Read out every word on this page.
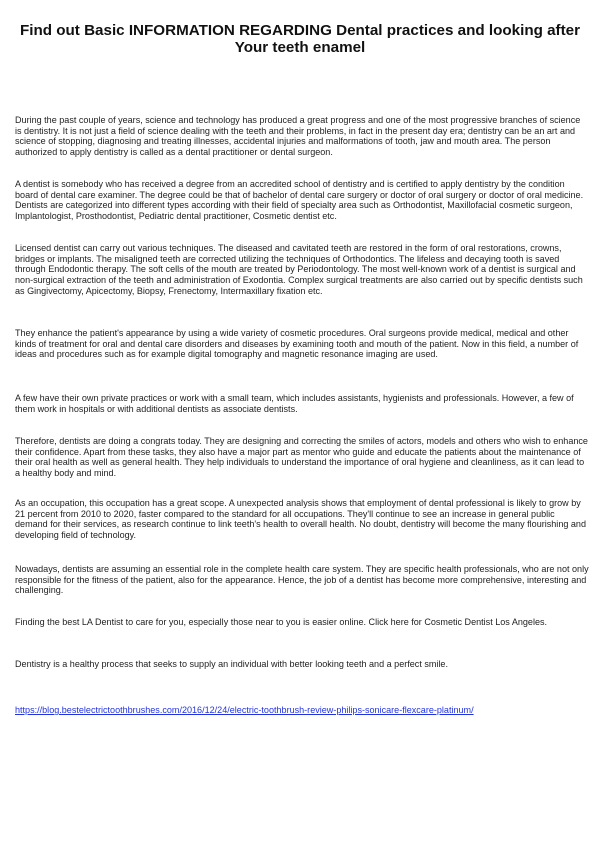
Find out Basic INFORMATION REGARDING Dental practices and looking after Your teeth enamel

During the past couple of years, science and technology has produced a great progress and one of the most progressive branches of science is dentistry. It is not just a field of science dealing with the teeth and their problems, in fact in the present day era; dentistry can be an art and science of stopping, diagnosing and treating illnesses, accidental injuries and malformations of tooth, jaw and mouth area. The person authorized to apply dentistry is called as a dental practitioner or dental surgeon.

A dentist is somebody who has received a degree from an accredited school of dentistry and is certified to apply dentistry by the condition board of dental care examiner. The degree could be that of bachelor of dental care surgery or doctor of oral surgery or doctor of oral medicine. Dentists are categorized into different types according with their field of specialty area such as Orthodontist, Maxillofacial cosmetic surgeon, Implantologist, Prosthodontist, Pediatric dental practitioner, Cosmetic dentist etc.

Licensed dentist can carry out various techniques. The diseased and cavitated teeth are restored in the form of oral restorations, crowns, bridges or implants. The misaligned teeth are corrected utilizing the techniques of Orthodontics. The lifeless and decaying tooth is saved through Endodontic therapy. The soft cells of the mouth are treated by Periodontology. The most well-known work of a dentist is surgical and non-surgical extraction of the teeth and administration of Exodontia. Complex surgical treatments are also carried out by specific dentists such as Gingivectomy, Apicectomy, Biopsy, Frenectomy, Intermaxillary fixation etc.

They enhance the patient's appearance by using a wide variety of cosmetic procedures. Oral surgeons provide medical, medical and other kinds of treatment for oral and dental care disorders and diseases by examining tooth and mouth of the patient. Now in this field, a number of ideas and procedures such as for example digital tomography and magnetic resonance imaging are used.

A few have their own private practices or work with a small team, which includes assistants, hygienists and professionals. However, a few of them work in hospitals or with additional dentists as associate dentists.

Therefore, dentists are doing a congrats today. They are designing and correcting the smiles of actors, models and others who wish to enhance their confidence. Apart from these tasks, they also have a major part as mentor who guide and educate the patients about the maintenance of their oral health as well as general health. They help individuals to understand the importance of oral hygiene and cleanliness, as it can lead to a healthy body and mind.

As an occupation, this occupation has a great scope. A unexpected analysis shows that employment of dental professional is likely to grow by 21 percent from 2010 to 2020, faster compared to the standard for all occupations. They'll continue to see an increase in general public demand for their services, as research continue to link teeth's health to overall health. No doubt, dentistry will become the many flourishing and developing field of technology.

Nowadays, dentists are assuming an essential role in the complete health care system. They are specific health professionals, who are not only responsible for the fitness of the patient, also for the appearance. Hence, the job of a dentist has become more comprehensive, interesting and challenging.

Finding the best LA Dentist to care for you, especially those near to you is easier online. Click here for Cosmetic Dentist Los Angeles.

Dentistry is a healthy process that seeks to supply an individual with better looking teeth and a perfect smile.

https://blog.bestelectrictoothbrushes.com/2016/12/24/electric-toothbrush-review-philips-sonicare-flexcare-platinum/
